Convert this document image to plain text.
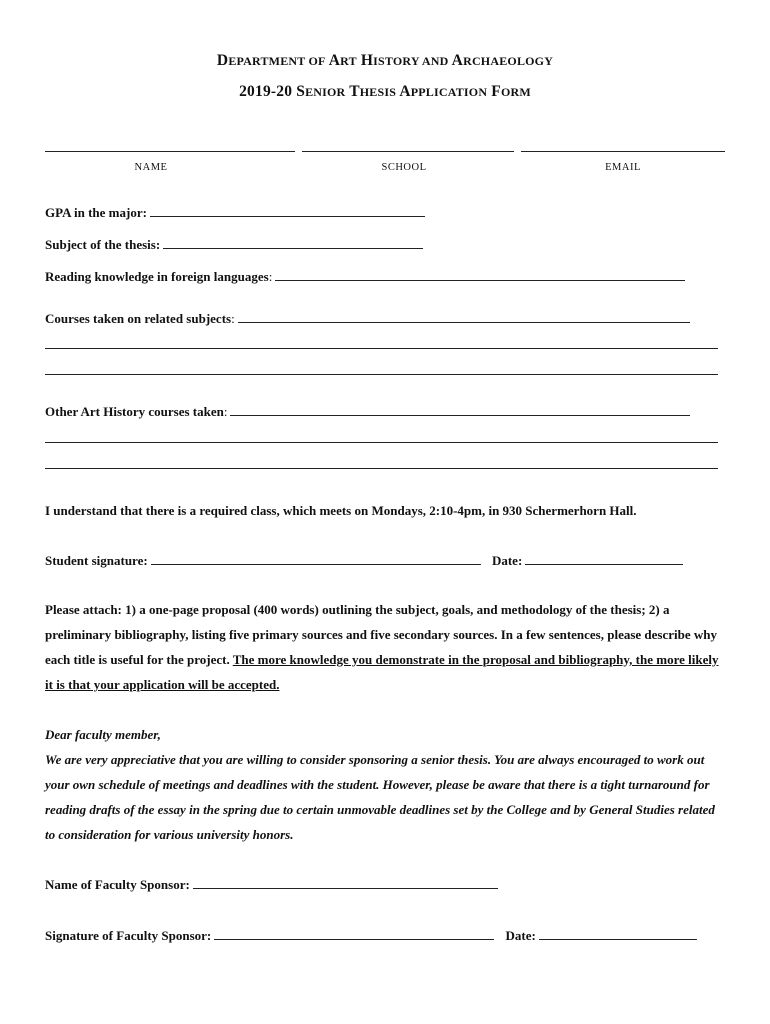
DEPARTMENT OF ART HISTORY AND ARCHAEOLOGY
2019-20 SENIOR THESIS APPLICATION FORM
NAME	SCHOOL	EMAIL
GPA in the major:
Subject of the thesis:
Reading knowledge in foreign languages:
Courses taken on related subjects:
Other Art History courses taken:
I understand that there is a required class, which meets on Mondays, 2:10-4pm, in 930 Schermerhorn Hall.
Student signature:	Date:
Please attach: 1) a one-page proposal (400 words) outlining the subject, goals, and methodology of the thesis; 2) a preliminary bibliography, listing five primary sources and five secondary sources. In a few sentences, please describe why each title is useful for the project. The more knowledge you demonstrate in the proposal and bibliography, the more likely it is that your application will be accepted.
Dear faculty member,
We are very appreciative that you are willing to consider sponsoring a senior thesis. You are always encouraged to work out your own schedule of meetings and deadlines with the student. However, please be aware that there is a tight turnaround for reading drafts of the essay in the spring due to certain unmovable deadlines set by the College and by General Studies related to consideration for various university honors.
Name of Faculty Sponsor:
Signature of Faculty Sponsor:	Date:
